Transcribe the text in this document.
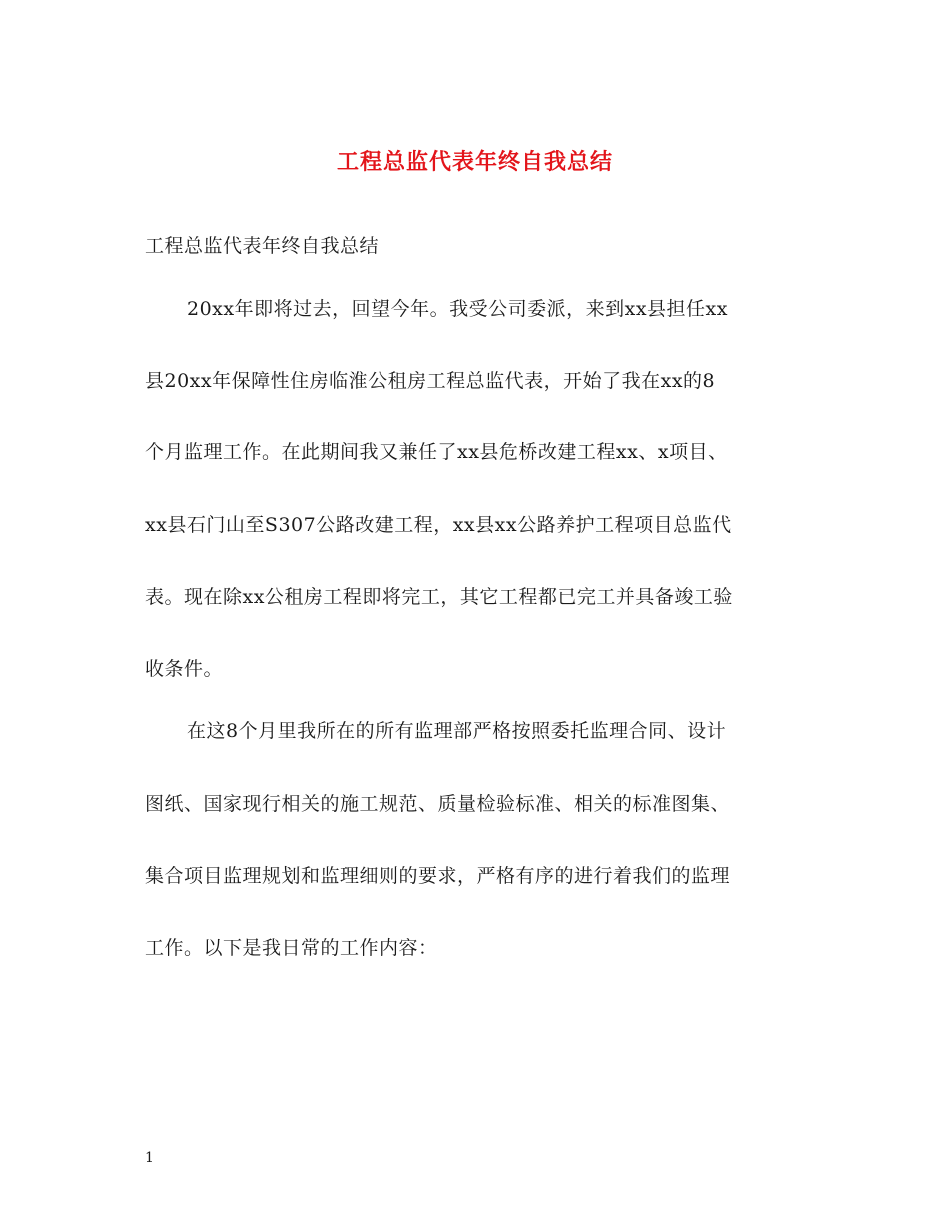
工程总监代表年终自我总结
工程总监代表年终自我总结
20xx年即将过去，回望今年。我受公司委派，来到xx县担任xx
县20xx年保障性住房临淮公租房工程总监代表，开始了我在xx的8
个月监理工作。在此期间我又兼任了xx县危桥改建工程xx、x项目、
xx县石门山至S307公路改建工程，xx县xx公路养护工程项目总监代
表。现在除xx公租房工程即将完工，其它工程都已完工并具备竣工验
收条件。
在这8个月里我所在的所有监理部严格按照委托监理合同、设计
图纸、国家现行相关的施工规范、质量检验标准、相关的标准图集、
集合项目监理规划和监理细则的要求，严格有序的进行着我们的监理
工作。以下是我日常的工作内容：
1
